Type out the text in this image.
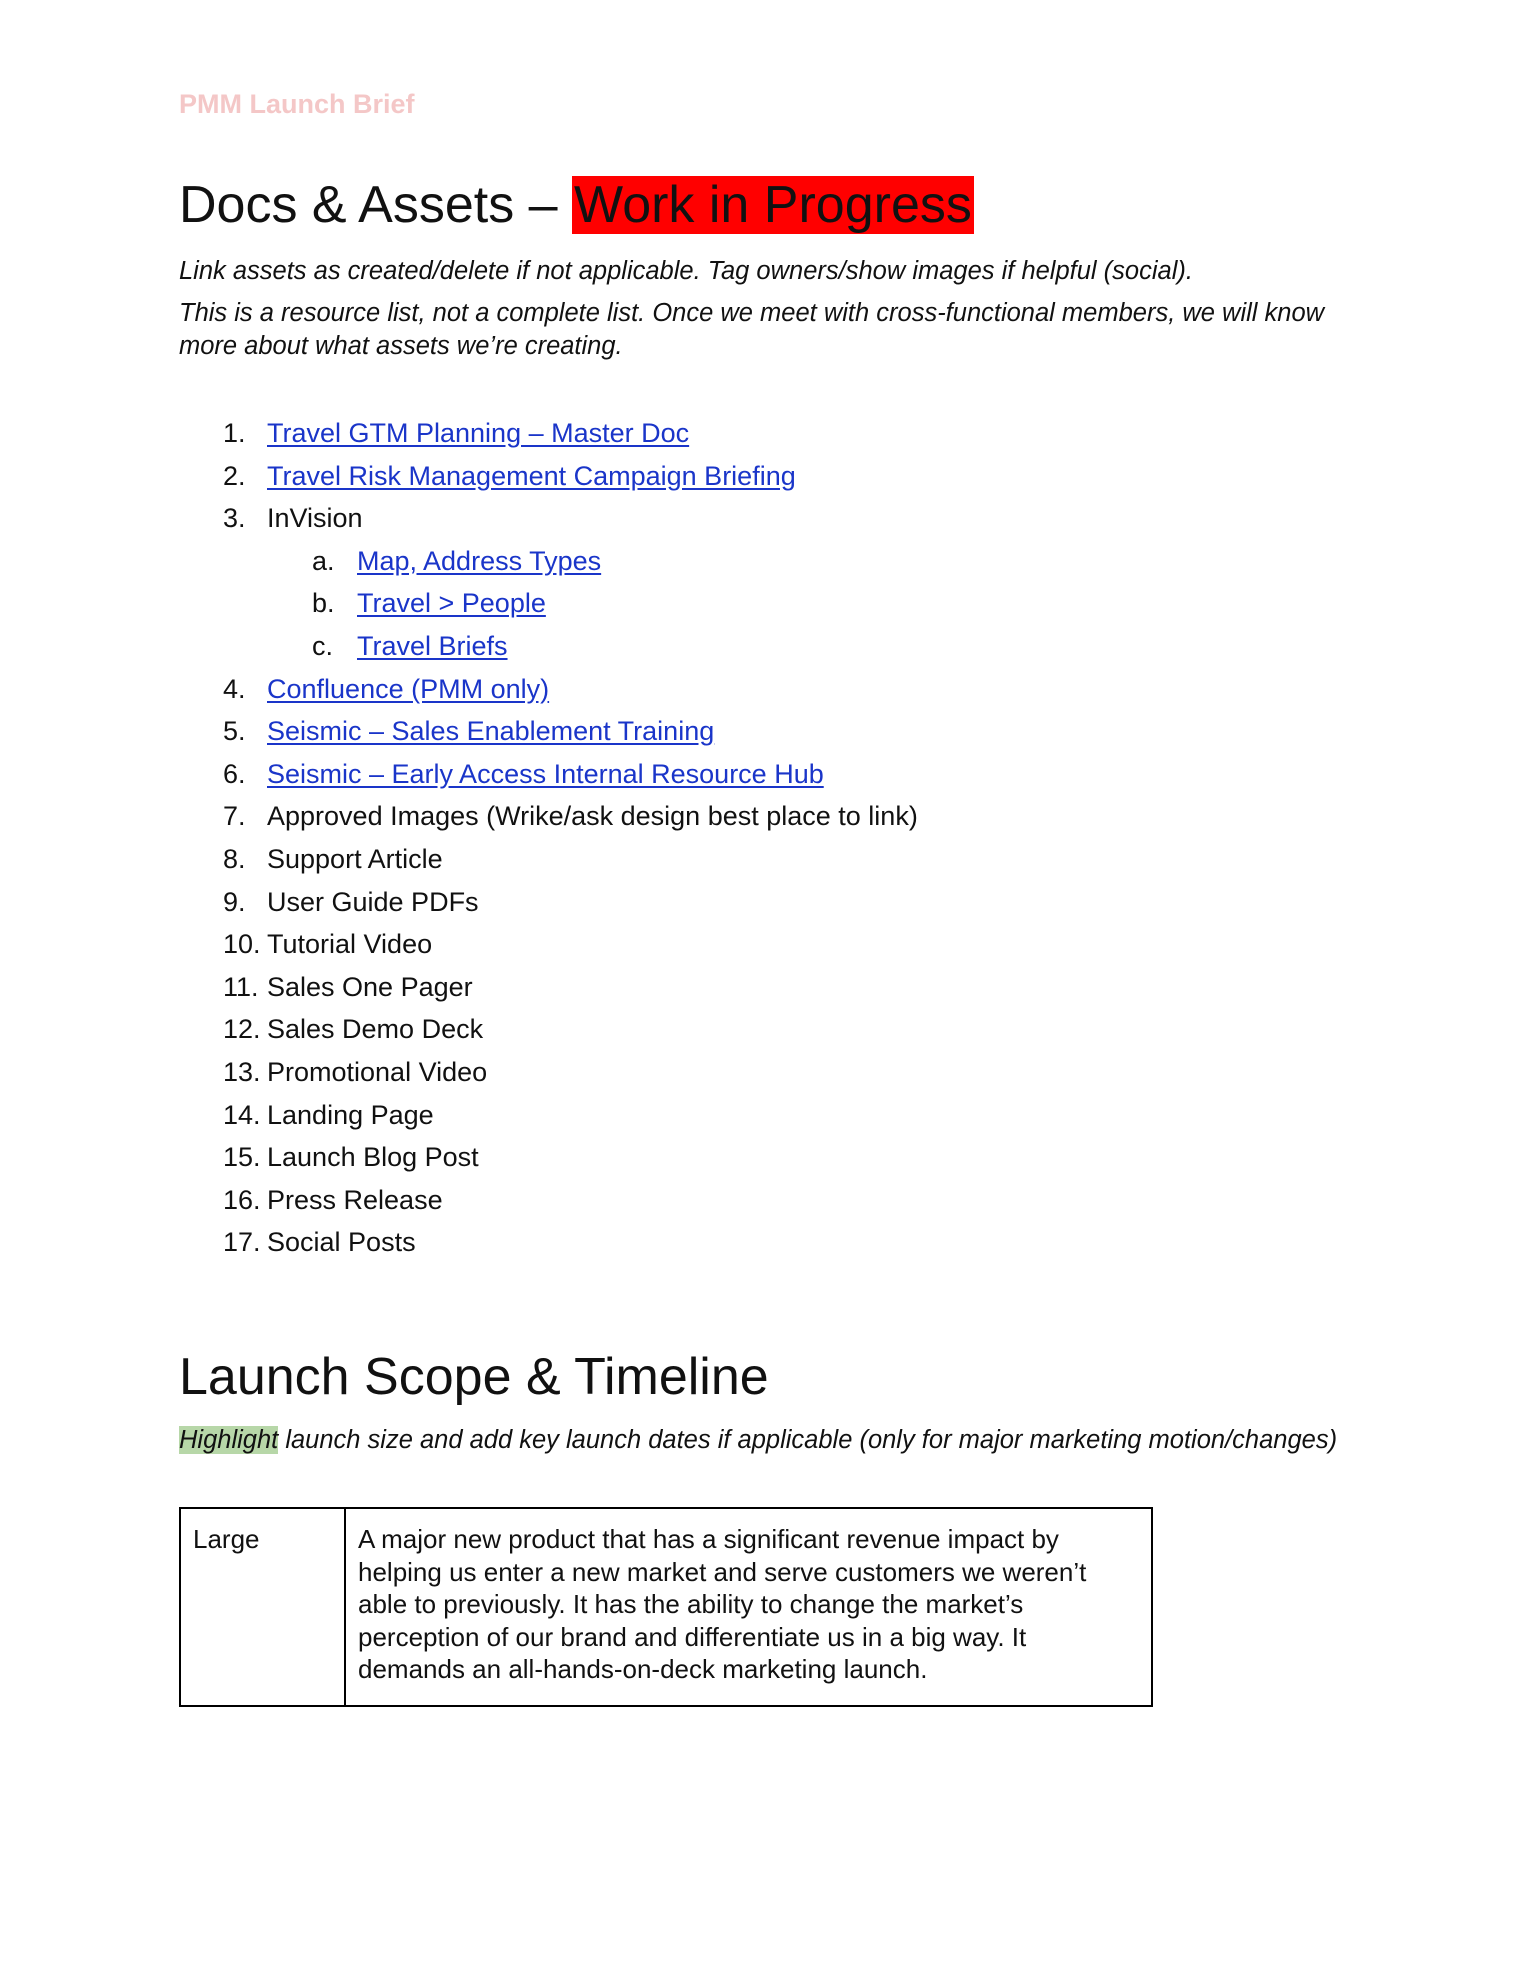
PMM Launch Brief
Docs & Assets – Work in Progress

Link assets as created/delete if not applicable. Tag owners/show images if helpful (social).

This is a resource list, not a complete list. Once we meet with cross-functional members, we will know more about what assets we’re creating.

1. Travel GTM Planning – Master Doc
2. Travel Risk Management Campaign Briefing
3. InVision
a. Map, Address Types
b. Travel > People
c. Travel Briefs
4. Confluence (PMM only)
5. Seismic – Sales Enablement Training
6. Seismic – Early Access Internal Resource Hub
7. Approved Images (Wrike/ask design best place to link)
8. Support Article
9. User Guide PDFs
10. Tutorial Video
11. Sales One Pager
12. Sales Demo Deck
13. Promotional Video
14. Landing Page
15. Launch Blog Post
16. Press Release
17. Social Posts
Launch Scope & Timeline

Highlight launch size and add key launch dates if applicable (only for major marketing motion/changes)

Large	A major new product that has a significant revenue impact by helping us enter a new market and serve customers we weren’t able to previously. It has the ability to change the market’s perception of our brand and differentiate us in a big way. It demands an all-hands-on-deck marketing launch.
